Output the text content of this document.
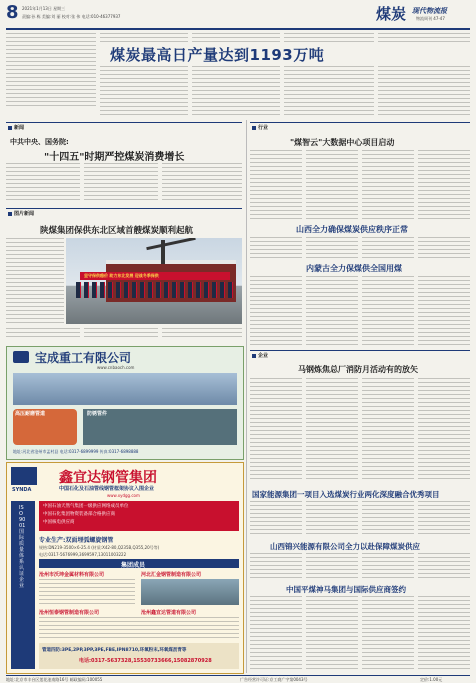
8 2021年1月13日 星期三
责编:孙 栋 美编:刘 丽 校对:张 伟 电话:010-46377937	煤炭 现代物流报
物流周刊 47-47
煤炭最高日产量达到1193万吨
新闻
中共中央、国务院:
"十四五"时期严控煤炭消费增长
图片新闻
陕煤集团保供东北区域首艘煤炭顺利起航
坚守保供稳价 助力东北发展 迎战冬季保供
宝成重工有限公司
www.cnbaoch.com
高压耐磨管道	防锈管件
地址:河北省沧州市孟村县 电话:0317-6899999 传真:0317-6898888
SYNDA
鑫宜达钢管集团
中国石化及石油管线钢管框架协议入围企业
www.xydgg.com
中国石油天然气集团一级供应网络成员单位
中国石化集团物资装备部合格供应商
中国核电供应商
专业生产:双面埋弧螺旋钢管
规格:DN219-3500×6-25.4 (材质:X42-80,Q235B,Q355,20号等)
电话:0317-5676999,3699597,13011003222
集团成员
沧州市沃坤金属材料有限公司	河北汇金钢管制造有限公司
沧州恒泰钢管制造有限公司	沧州鑫宜达管道有限公司
管道四防:3PE,2PP,3PP,3PE,FBE,IPN8710,环氧粉末,环氧煤沥青等
电话:0317-5637328,15530733666,15082870928
ISO9001国际质量体系认证企业
行业
"煤智云"大数据中心项目启动
山西全力确保煤炭供应秩序正常
内蒙古全力保煤供全国用煤
企业
马钢炼焦总厂消防月活动有的放矢
国家能源集团一项目入选煤炭行业两化深度融合优秀项目
山西锦兴能源有限公司全力以赴保障煤炭供应
中国平煤神马集团与国际供应商签约
地址:北京市丰台区莲花池南路16号 邮政编码:100055	广告经营许可证:京工商广字第0043号	定价:1.00元
